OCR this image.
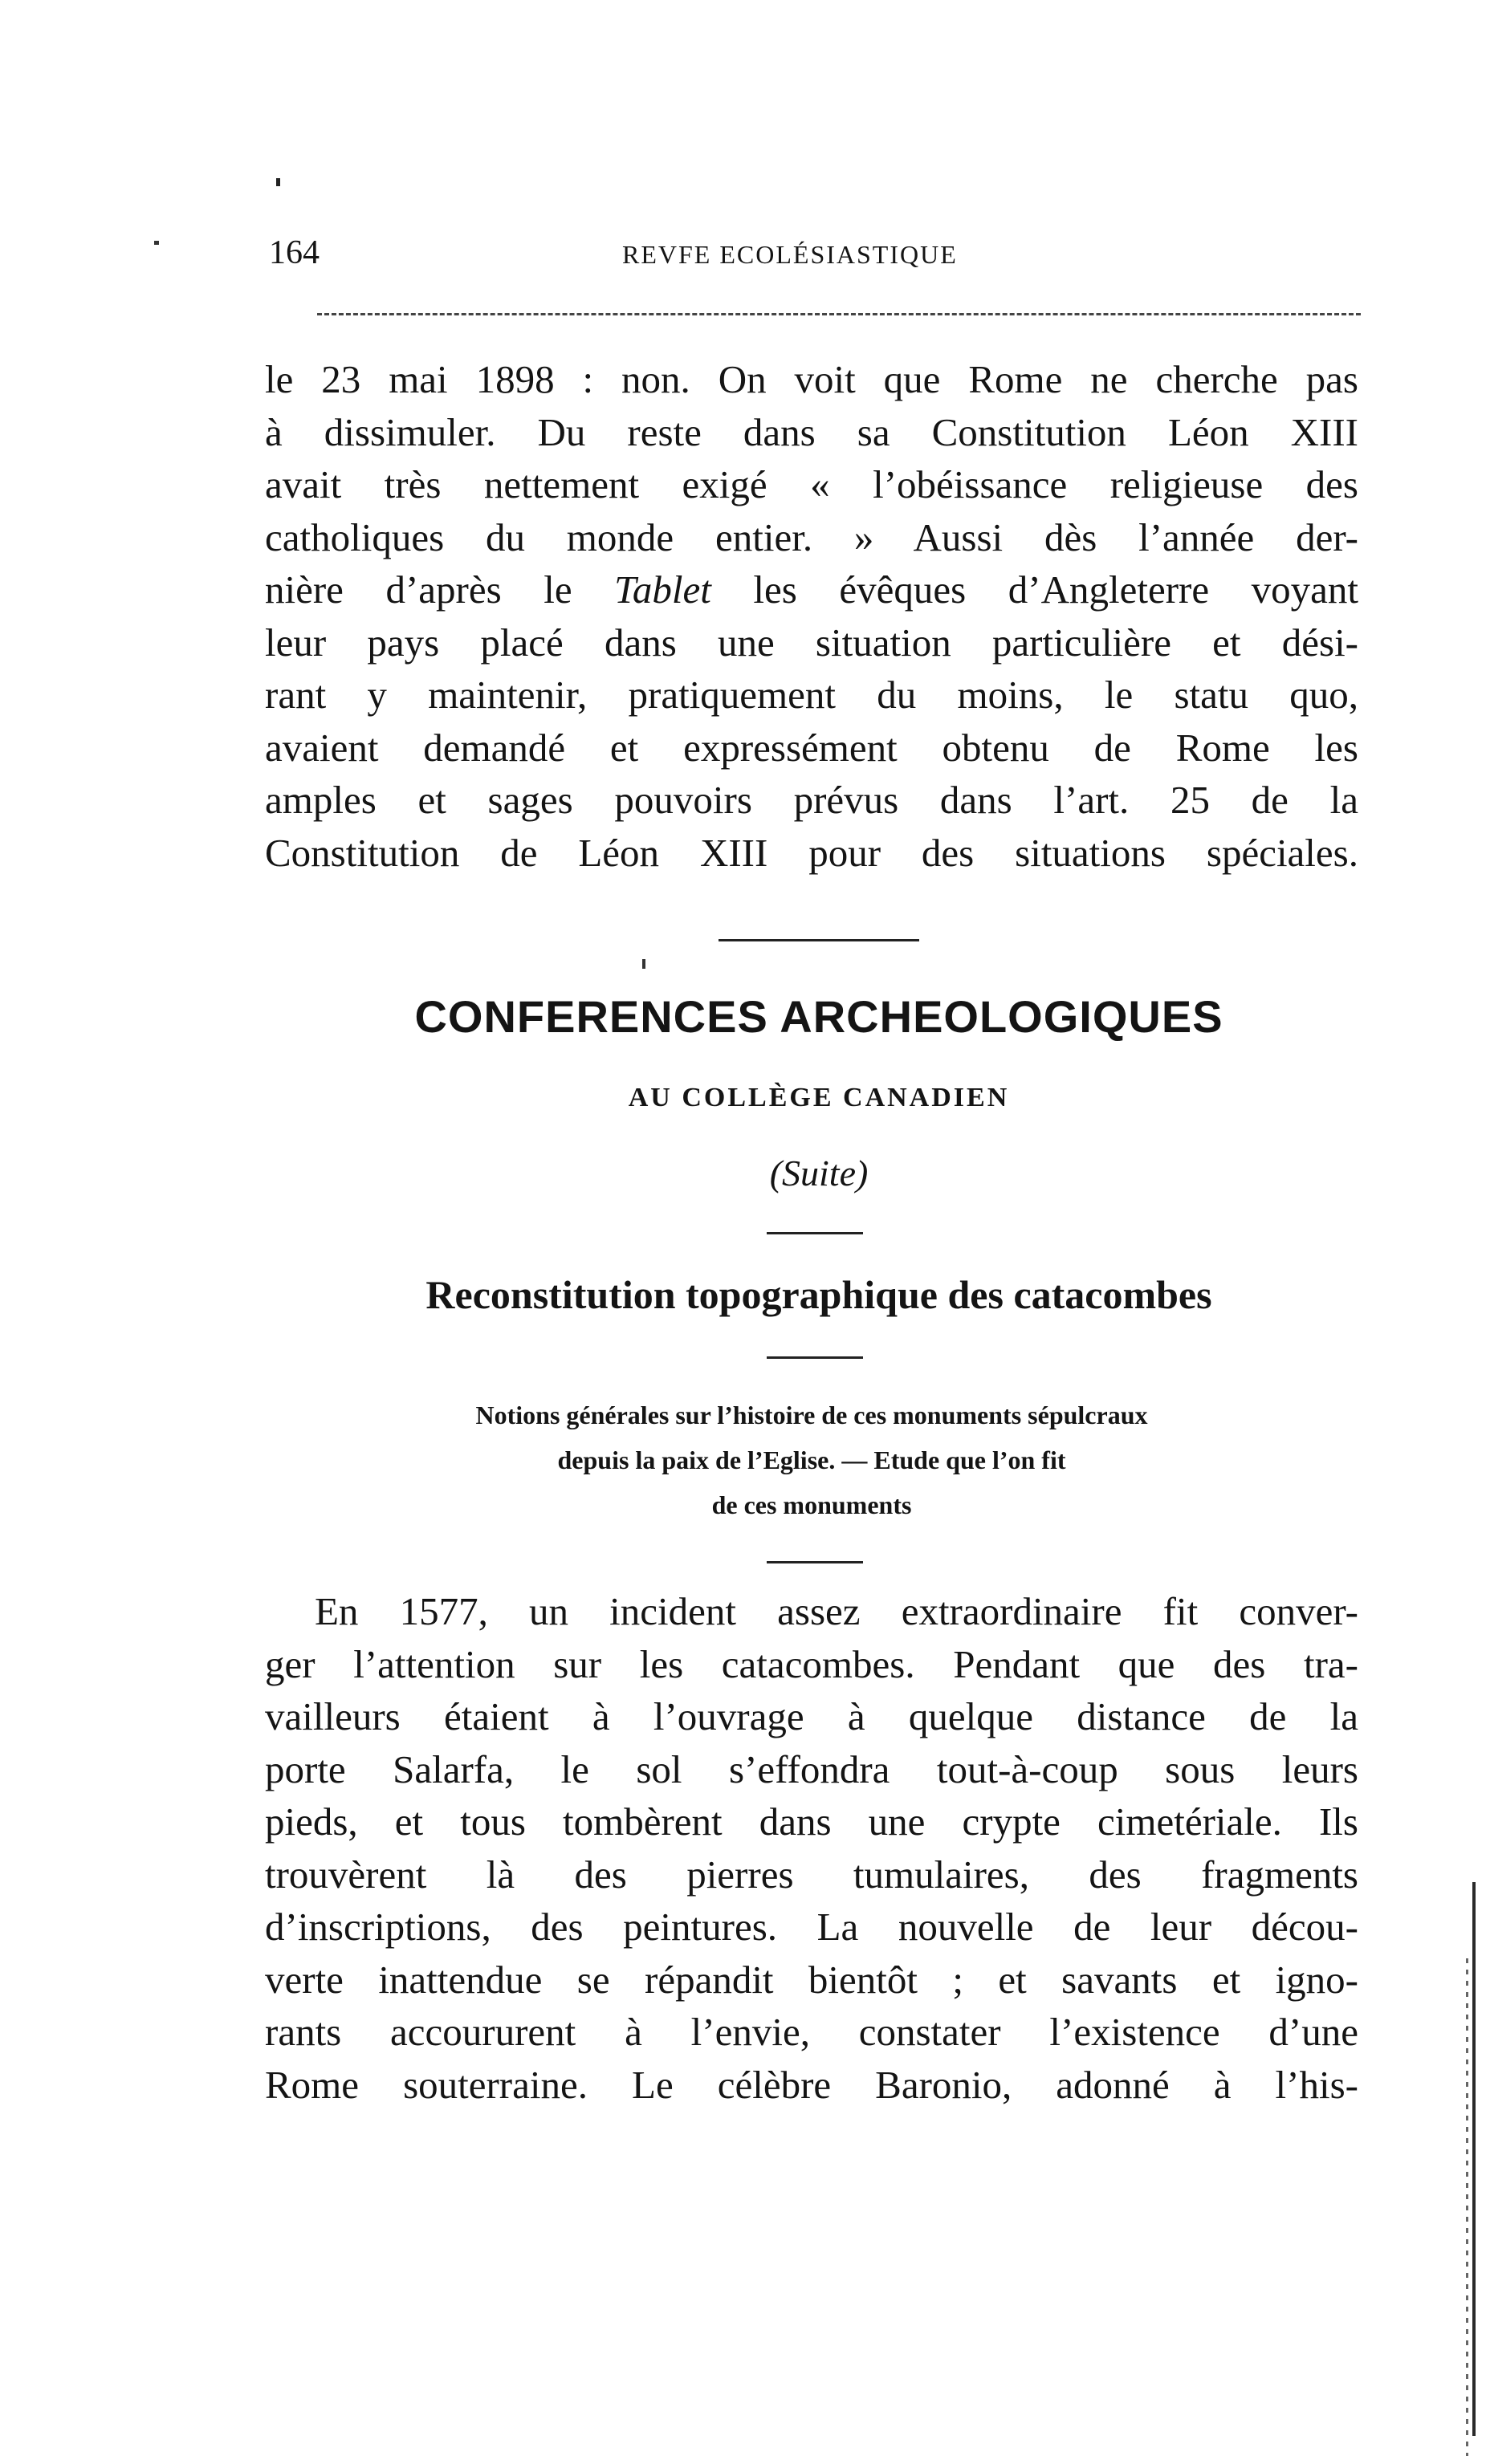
164	REVFE ECOLÉSIASTIQUE

le 23 mai 1898 : non. On voit que Rome ne cherche pas
à dissimuler. Du reste dans sa Constitution Léon XIII
avait très nettement exigé « l’obéissance religieuse des
catholiques du monde entier. » Aussi dès l’année der-
nière d’après le Tablet les évêques d’Angleterre voyant
leur pays placé dans une situation particulière et dési-
rant y maintenir, pratiquement du moins, le statu quo,
avaient demandé et expressément obtenu de Rome les
amples et sages pouvoirs prévus dans l’art. 25 de la
Constitution de Léon XIII pour des situations spéciales.

CONFERENCES ARCHEOLOGIQUES
AU COLLÈGE CANADIEN
(Suite)
Reconstitution topographique des catacombes
Notions générales sur l’histoire de ces monuments sépulcraux
depuis la paix de l’Eglise. — Etude que l’on fit
de ces monuments

En 1577, un incident assez extraordinaire fit conver-
ger l’attention sur les catacombes. Pendant que des tra-
vailleurs étaient à l’ouvrage à quelque distance de la
porte Salarfa, le sol s’effondra tout-à-coup sous leurs
pieds, et tous tombèrent dans une crypte cimetériale. Ils
trouvèrent là des pierres tumulaires, des fragments
d’inscriptions, des peintures. La nouvelle de leur décou-
verte inattendue se répandit bientôt ; et savants et igno-
rants accoururent à l’envie, constater l’existence d’une
Rome souterraine. Le célèbre Baronio, adonné à l’his-
